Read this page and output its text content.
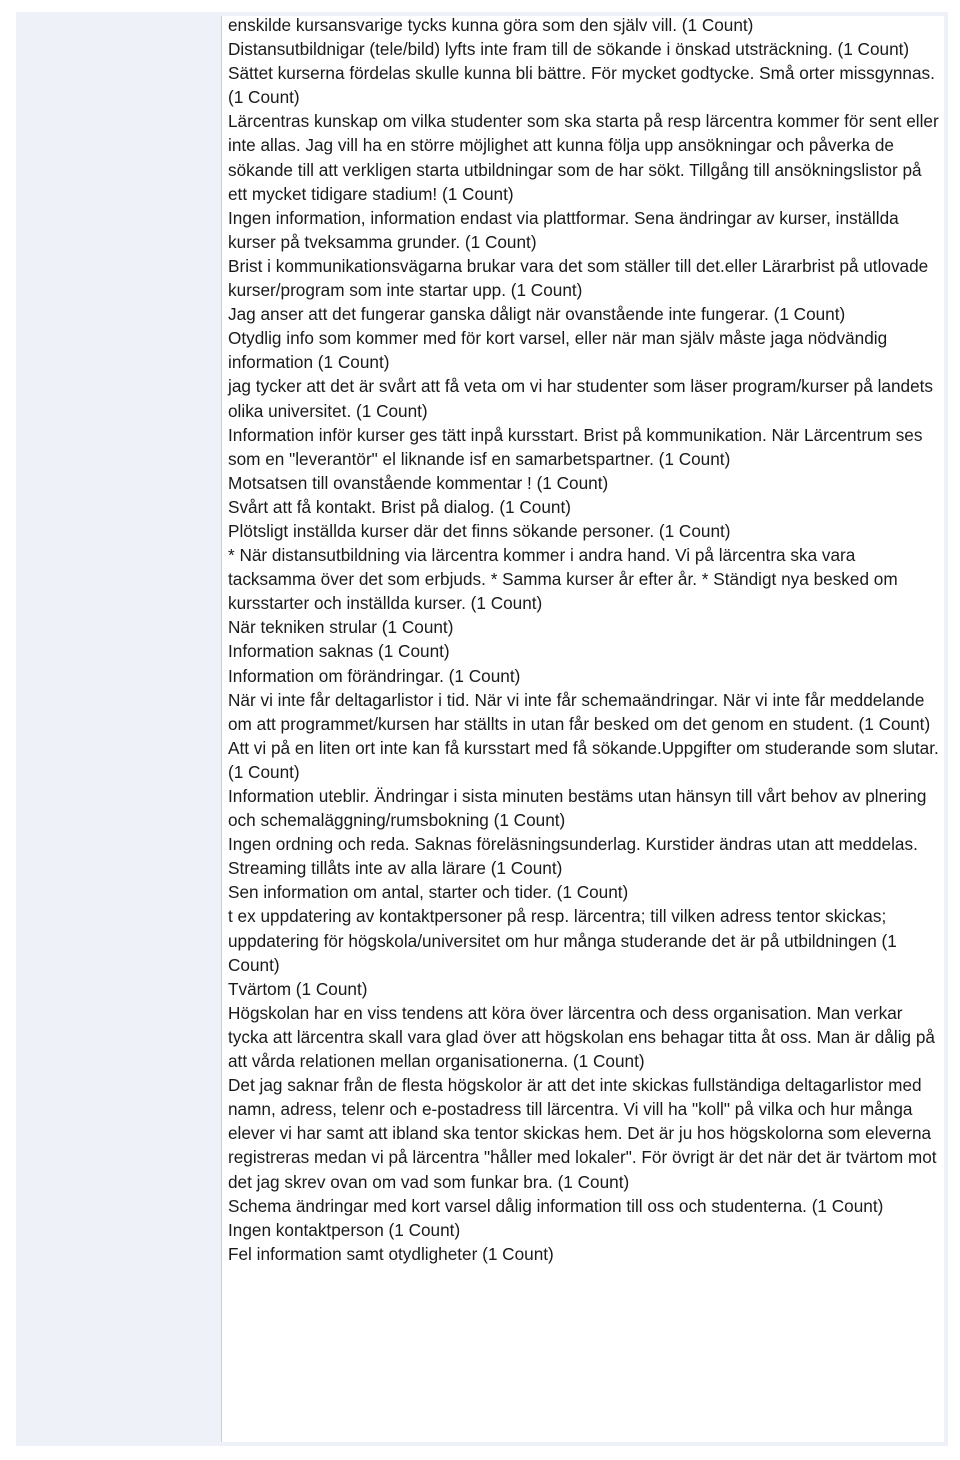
enskilde kursansvarige tycks kunna göra som den själv vill. (1 Count)
Distansutbildnigar (tele/bild) lyfts inte fram till de sökande i önskad utsträckning. (1 Count)
Sättet kurserna fördelas skulle kunna bli bättre. För mycket godtycke. Små orter missgynnas. (1 Count)
Lärcentras kunskap om vilka studenter som ska starta på resp lärcentra kommer för sent eller inte allas. Jag vill ha en större möjlighet att kunna följa upp ansökningar och påverka de sökande till att verkligen starta utbildningar som de har sökt. Tillgång till ansökningslistor på ett mycket tidigare stadium! (1 Count)
Ingen information, information endast via plattformar. Sena ändringar av kurser, inställda kurser på tveksamma grunder. (1 Count)
Brist i kommunikationsvägarna brukar vara det som ställer till det.eller Lärarbrist på utlovade kurser/program som inte startar upp. (1 Count)
Jag anser att det fungerar ganska dåligt när ovanstående inte fungerar. (1 Count)
Otydlig info som kommer med för kort varsel, eller när man själv måste jaga nödvändig information (1 Count)
jag tycker att det är svårt att få veta om vi har studenter som läser program/kurser på landets olika universitet. (1 Count)
Information inför kurser ges tätt inpå kursstart. Brist på kommunikation. När Lärcentrum ses som en "leverantör" el liknande isf en samarbetspartner. (1 Count)
Motsatsen till ovanstående kommentar ! (1 Count)
Svårt att få kontakt. Brist på dialog. (1 Count)
Plötsligt inställda kurser där det finns sökande personer. (1 Count)
* När distansutbildning via lärcentra kommer i andra hand. Vi på lärcentra ska vara tacksamma över det som erbjuds. * Samma kurser år efter år. * Ständigt nya besked om kursstarter och inställda kurser. (1 Count)
När tekniken strular (1 Count)
Information saknas (1 Count)
Information om förändringar. (1 Count)
När vi inte får deltagarlistor i tid. När vi inte får schemaändringar. När vi inte får meddelande om att programmet/kursen har ställts in utan får besked om det genom en student. (1 Count)
Att vi på en liten ort inte kan få kursstart med få sökande.Uppgifter om studerande som slutar. (1 Count)
Information uteblir. Ändringar i sista minuten bestäms utan hänsyn till vårt behov av plnering och schemaläggning/rumsbokning (1 Count)
Ingen ordning och reda. Saknas föreläsningsunderlag. Kurstider ändras utan att meddelas. Streaming tillåts inte av alla lärare (1 Count)
Sen information om antal, starter och tider. (1 Count)
t ex uppdatering av kontaktpersoner på resp. lärcentra; till vilken adress tentor skickas; uppdatering för högskola/universitet om hur många studerande det är på utbildningen (1 Count)
Tvärtom (1 Count)
Högskolan har en viss tendens att köra över lärcentra och dess organisation. Man verkar tycka att lärcentra skall vara glad över att högskolan ens behagar titta åt oss. Man är dålig på att vårda relationen mellan organisationerna. (1 Count)
Det jag saknar från de flesta högskolor är att det inte skickas fullständiga deltagarlistor med namn, adress, telenr och e-postadress till lärcentra. Vi vill ha "koll" på vilka och hur många elever vi har samt att ibland ska tentor skickas hem. Det är ju hos högskolorna som eleverna registreras medan vi på lärcentra "håller med lokaler". För övrigt är det när det är tvärtom mot det jag skrev ovan om vad som funkar bra. (1 Count)
Schema ändringar med kort varsel dålig information till oss och studenterna. (1 Count)
Ingen kontaktperson (1 Count)
Fel information samt otydligheter (1 Count)
